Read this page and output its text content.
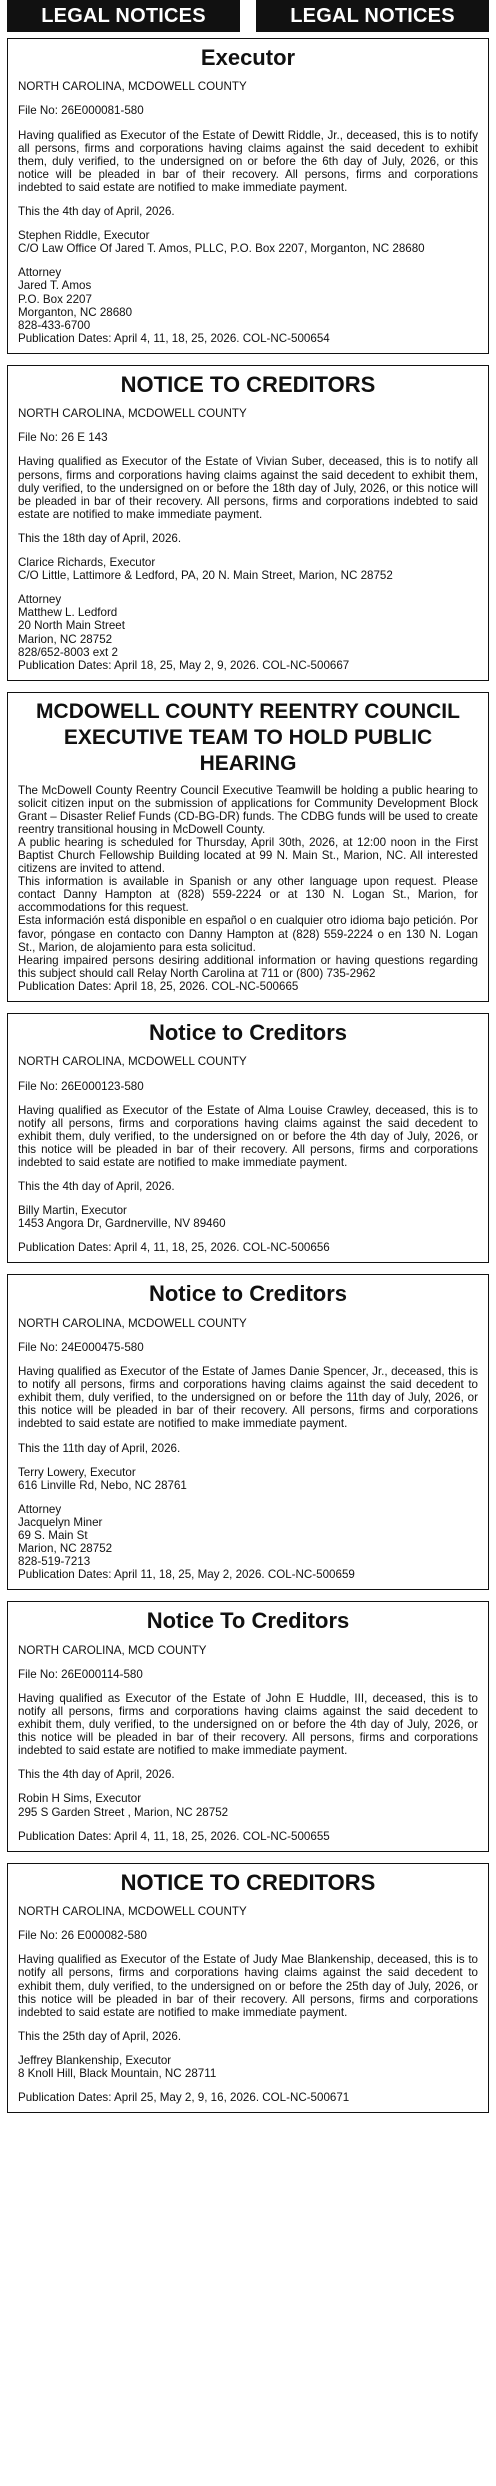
LEGAL NOTICES	LEGAL NOTICES
Executor

NORTH CAROLINA, MCDOWELL COUNTY

File No: 26E000081-580

Having qualified as Executor of the Estate of Dewitt Riddle, Jr., deceased, this is to notify all persons, firms and corporations having claims against the said decedent to exhibit them, duly verified, to the undersigned on or before the 6th day of July, 2026, or this notice will be pleaded in bar of their recovery. All persons, firms and corporations indebted to said estate are notified to make immediate payment.

This the 4th day of April, 2026.

Stephen Riddle, Executor

C/O Law Office Of Jared T. Amos, PLLC, P.O. Box 2207, Morganton, NC 28680

Attorney

Jared T. Amos

P.O. Box 2207

Morganton, NC 28680

828-433-6700

Publication Dates: April 4, 11, 18, 25, 2026. COL-NC-500654

NOTICE TO CREDITORS

NORTH CAROLINA, MCDOWELL COUNTY

File No: 26 E 143

Having qualified as Executor of the Estate of Vivian Suber, deceased, this is to notify all persons, firms and corporations having claims against the said decedent to exhibit them, duly verified, to the undersigned on or before the 18th day of July, 2026, or this notice will be pleaded in bar of their recovery. All persons, firms and corporations indebted to said estate are notified to make immediate payment.

This the 18th day of April, 2026.

Clarice Richards, Executor

C/O Little, Lattimore & Ledford, PA, 20 N. Main Street, Marion, NC 28752

Attorney

Matthew L. Ledford

20 North Main Street

Marion, NC 28752

828/652-8003 ext 2

Publication Dates: April 18, 25, May 2, 9, 2026. COL-NC-500667

MCDOWELL COUNTY REENTRY COUNCIL EXECUTIVE TEAM TO HOLD PUBLIC HEARING

The McDowell County Reentry Council Executive Teamwill be holding a public hearing to solicit citizen input on the submission of applications for Community Development Block Grant – Disaster Relief Funds (CD-BG-DR) funds. The CDBG funds will be used to create reentry transitional housing in McDowell County.

A public hearing is scheduled for Thursday, April 30th, 2026, at 12:00 noon in the First Baptist Church Fellowship Building located at 99 N. Main St., Marion, NC. All interested citizens are invited to attend.

This information is available in Spanish or any other language upon request. Please contact Danny Hampton at (828) 559-2224 or at 130 N. Logan St., Marion, for accommodations for this request.

Esta información está disponible en español o en cualquier otro idioma bajo petición. Por favor, póngase en contacto con Danny Hampton at (828) 559-2224 o en 130 N. Logan St., Marion, de alojamiento para esta solicitud.

Hearing impaired persons desiring additional information or having questions regarding this subject should call Relay North Carolina at 711 or (800) 735-2962

Publication Dates: April 18, 25, 2026. COL-NC-500665

Notice to Creditors

NORTH CAROLINA, MCDOWELL COUNTY

File No: 26E000123-580

Having qualified as Executor of the Estate of Alma Louise Crawley, deceased, this is to notify all persons, firms and corporations having claims against the said decedent to exhibit them, duly verified, to the undersigned on or before the 4th day of July, 2026, or this notice will be pleaded in bar of their recovery. All persons, firms and corporations indebted to said estate are notified to make immediate payment.

This the 4th day of April, 2026.

Billy Martin, Executor

1453 Angora Dr, Gardnerville, NV 89460

Publication Dates: April 4, 11, 18, 25, 2026. COL-NC-500656

Notice to Creditors

NORTH CAROLINA, MCDOWELL COUNTY

File No: 24E000475-580

Having qualified as Executor of the Estate of James Danie Spencer, Jr., deceased, this is to notify all persons, firms and corporations having claims against the said decedent to exhibit them, duly verified, to the undersigned on or before the 11th day of July, 2026, or this notice will be pleaded in bar of their recovery. All persons, firms and corporations indebted to said estate are notified to make immediate payment.

This the 11th day of April, 2026.

Terry Lowery, Executor

616 Linville Rd, Nebo, NC 28761

Attorney

Jacquelyn Miner

69 S. Main St

Marion, NC 28752

828-519-7213

Publication Dates: April 11, 18, 25, May 2, 2026. COL-NC-500659

Notice To Creditors

NORTH CAROLINA, MCD COUNTY

File No: 26E000114-580

Having qualified as Executor of the Estate of John E Huddle, III, deceased, this is to notify all persons, firms and corporations having claims against the said decedent to exhibit them, duly verified, to the undersigned on or before the 4th day of July, 2026, or this notice will be pleaded in bar of their recovery. All persons, firms and corporations indebted to said estate are notified to make immediate payment.

This the 4th day of April, 2026.

Robin H Sims, Executor

295 S Garden Street , Marion, NC 28752

Publication Dates: April 4, 11, 18, 25, 2026. COL-NC-500655

NOTICE TO CREDITORS

NORTH CAROLINA, MCDOWELL COUNTY

File No: 26 E000082-580

Having qualified as Executor of the Estate of Judy Mae Blankenship, deceased, this is to notify all persons, firms and corporations having claims against the said decedent to exhibit them, duly verified, to the undersigned on or before the 25th day of July, 2026, or this notice will be pleaded in bar of their recovery. All persons, firms and corporations indebted to said estate are notified to make immediate payment.

This the 25th day of April, 2026.

Jeffrey Blankenship, Executor

8 Knoll Hill, Black Mountain, NC 28711

Publication Dates: April 25, May 2, 9, 16, 2026. COL-NC-500671
